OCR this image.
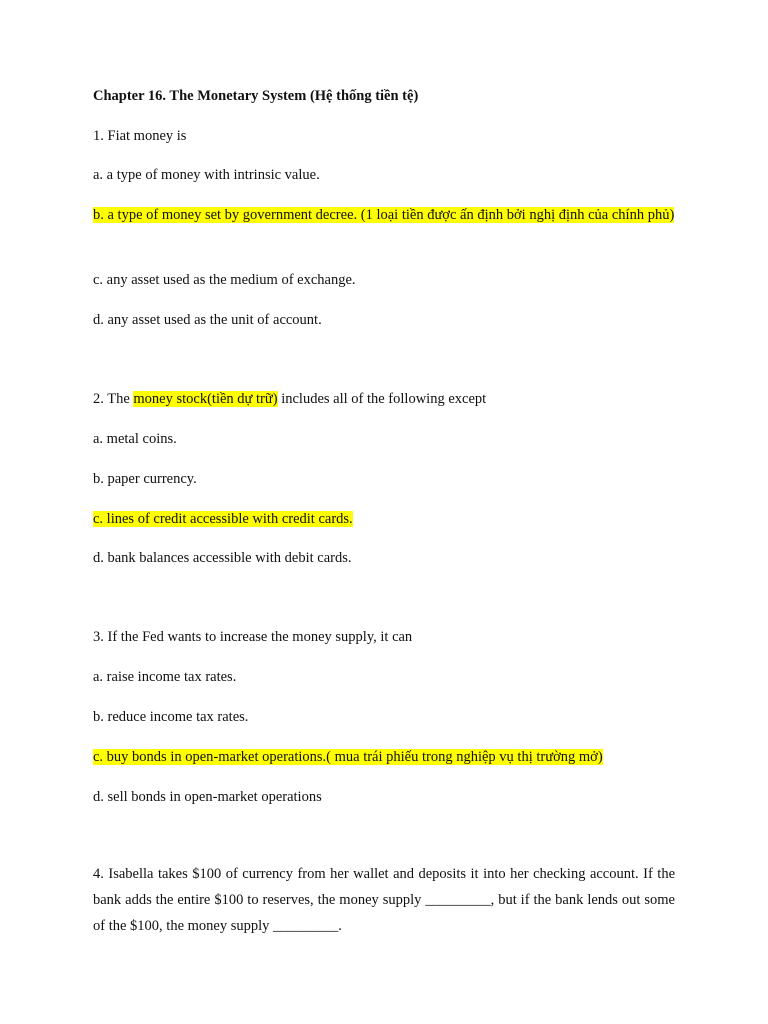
Chapter 16. The Monetary System (Hệ thống tiền tệ)

1. Fiat money is

a. a type of money with intrinsic value.

b. a type of money set by government decree. (1 loại tiền được ấn định bởi nghị định của chính phủ)

c. any asset used as the medium of exchange.

d. any asset used as the unit of account.

2. The money stock(tiền dự trữ) includes all of the following except

a. metal coins.

b. paper currency.

c. lines of credit accessible with credit cards.

d. bank balances accessible with debit cards.

3. If the Fed wants to increase the money supply, it can

a. raise income tax rates.

b. reduce income tax rates.

c. buy bonds in open-market operations.( mua trái phiếu trong nghiệp vụ thị trường mở)

d. sell bonds in open-market operations

4. Isabella takes $100 of currency from her wallet and deposits it into her checking account. If the bank adds the entire $100 to reserves, the money supply _________, but if the bank lends out some of the $100, the money supply _________.
